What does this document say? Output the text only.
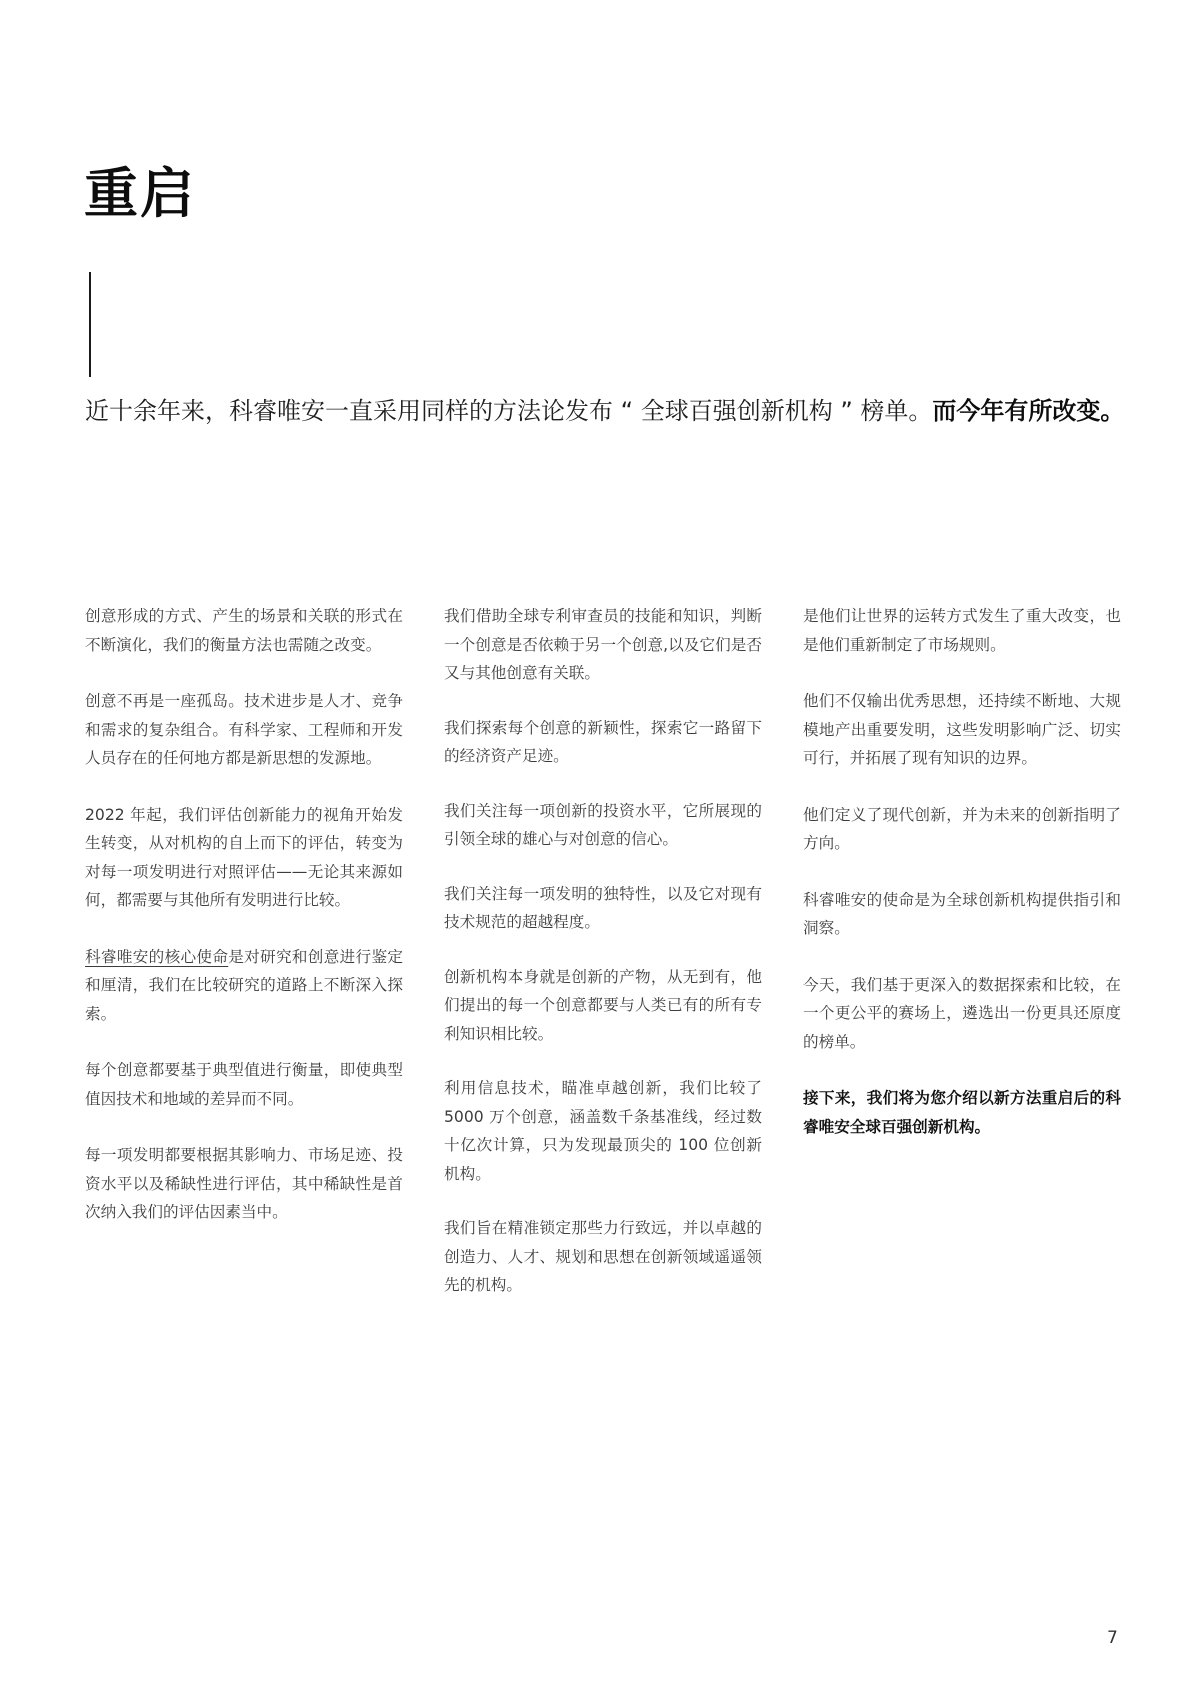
重启

近十余年来，科睿唯安一直采用同样的方法论发布 “ 全球百强创新机构 ” 榜单。而今年有所改变。

创意形成的方式、产生的场景和关联的形式在不断演化，我们的衡量方法也需随之改变。

创意不再是一座孤岛。技术进步是人才、竞争和需求的复杂组合。有科学家、工程师和开发人员存在的任何地方都是新思想的发源地。

2022 年起，我们评估创新能力的视角开始发生转变，从对机构的自上而下的评估，转变为对每一项发明进行对照评估——无论其来源如何，都需要与其他所有发明进行比较。

科睿唯安的核心使命是对研究和创意进行鉴定和厘清，我们在比较研究的道路上不断深入探索。

每个创意都要基于典型值进行衡量，即使典型值因技术和地域的差异而不同。

每一项发明都要根据其影响力、市场足迹、投资水平以及稀缺性进行评估，其中稀缺性是首次纳入我们的评估因素当中。

我们借助全球专利审查员的技能和知识，判断一个创意是否依赖于另一个创意,以及它们是否又与其他创意有关联。

我们探索每个创意的新颖性，探索它一路留下的经济资产足迹。

我们关注每一项创新的投资水平，它所展现的引领全球的雄心与对创意的信心。

我们关注每一项发明的独特性，以及它对现有技术规范的超越程度。

创新机构本身就是创新的产物，从无到有，他们提出的每一个创意都要与人类已有的所有专利知识相比较。

利用信息技术，瞄准卓越创新，我们比较了 5000 万个创意，涵盖数千条基准线，经过数十亿次计算，只为发现最顶尖的 100 位创新机构。

我们旨在精准锁定那些力行致远，并以卓越的创造力、人才、规划和思想在创新领域遥遥领先的机构。

是他们让世界的运转方式发生了重大改变，也是他们重新制定了市场规则。

他们不仅输出优秀思想，还持续不断地、大规模地产出重要发明，这些发明影响广泛、切实可行，并拓展了现有知识的边界。

他们定义了现代创新，并为未来的创新指明了方向。

科睿唯安的使命是为全球创新机构提供指引和洞察。

今天，我们基于更深入的数据探索和比较，在一个更公平的赛场上，遴选出一份更具还原度的榜单。

接下来，我们将为您介绍以新方法重启后的科睿唯安全球百强创新机构。

7
